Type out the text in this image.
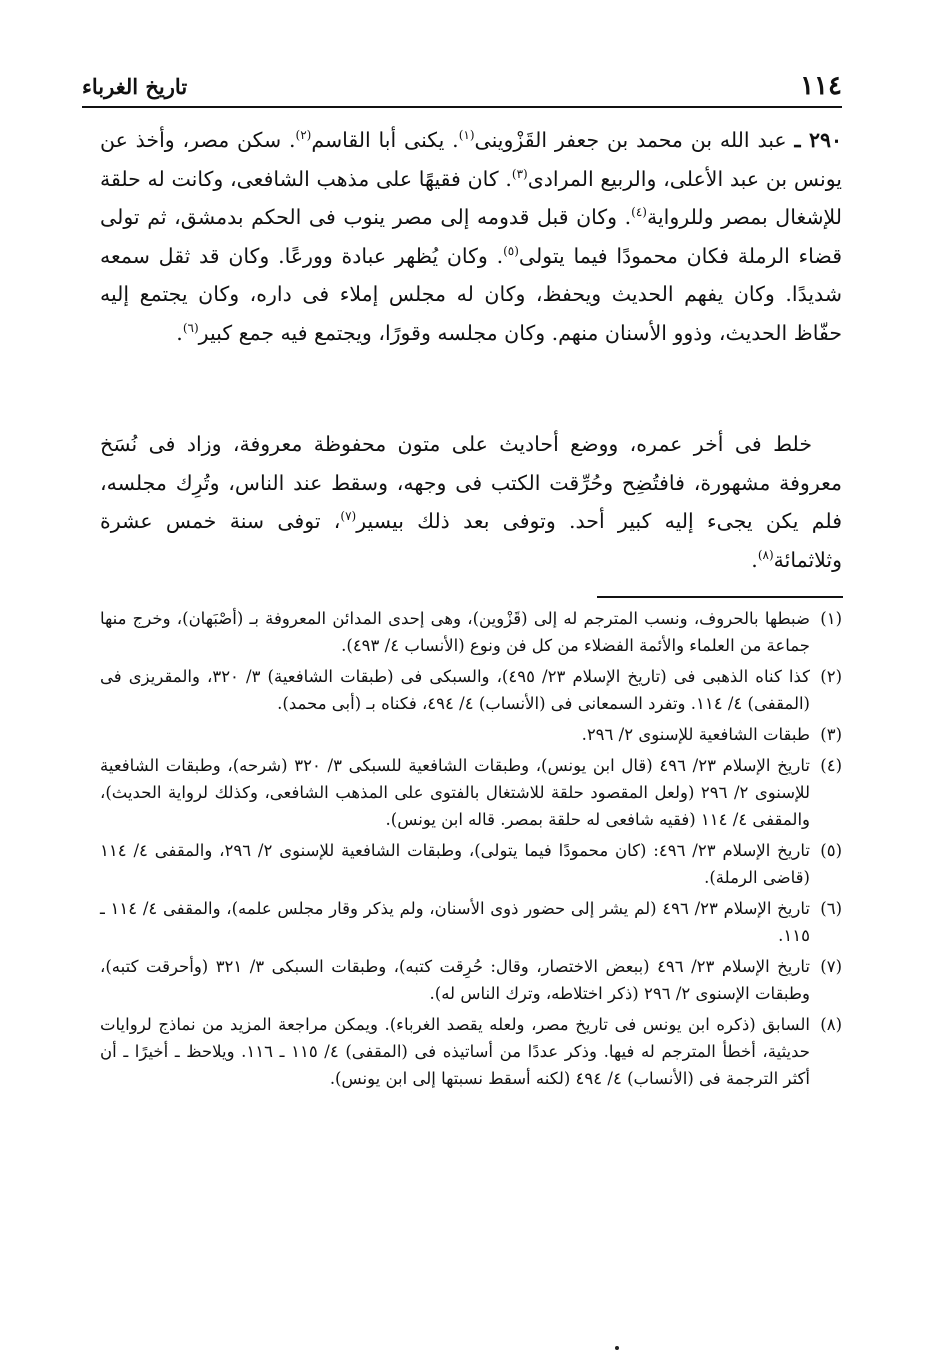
١١٤
تاريخ الغرباء

٢٩٠ ـ عبد الله بن محمد بن جعفر القَزْوينى$^{(١)}$. يكنى أبا القاسم$^{(٢)}$. سكن مصر، وأخذ عن يونس بن عبد الأعلى، والربيع المرادى$^{(٣)}$. كان فقيهًا على مذهب الشافعى، وكانت له حلقة للإشغال بمصر وللرواية$^{(٤)}$. وكان قبل قدومه إلى مصر ينوب فى الحكم بدمشق، ثم تولى قضاء الرملة فكان محمودًا فيما يتولى$^{(٥)}$. وكان يُظهر عبادة وورعًا. وكان قد ثقل سمعه شديدًا. وكان يفهم الحديث ويحفظ، وكان له مجلس إملاء فى داره، وكان يجتمع إليه حفّاظ الحديث، وذوو الأسنان منهم. وكان مجلسه وقورًا، ويجتمع فيه جمع كبير$^{(٦)}$.

خلط فى أخر عمره، ووضع أحاديث على متون محفوظة معروفة، وزاد فى نُسَخ معروفة مشهورة، فافتُضِح وحُرِّقت الكتب فى وجهه، وسقط عند الناس، وتُرِك مجلسه، فلم يكن يجىء إليه كبير أحد. وتوفى بعد ذلك بيسير$^{(٧)}$، توفى سنة خمس عشرة وثلاثمائة$^{(٨)}$.

(١)
ضبطها بالحروف، ونسب المترجم له إلى (قَزْوين)، وهى إحدى المدائن المعروفة بـ (أصْبَهان)، وخرج منها جماعة من العلماء والأئمة الفضلاء من كل فن ونوع (الأنساب ٤/ ٤٩٣).
(٢)
كذا كناه الذهبى فى (تاريخ الإسلام ٢٣/ ٤٩٥)، والسبكى فى (طبقات الشافعية) ٣/ ٣٢٠، والمقريزى فى (المقفى) ٤/ ١١٤. وتفرد السمعانى فى (الأنساب) ٤/ ٤٩٤، فكناه بـ (أبى محمد).
(٣)
طبقات الشافعية للإسنوى ٢/ ٢٩٦.
(٤)
تاريخ الإسلام ٢٣/ ٤٩٦ (قال ابن يونس)، وطبقات الشافعية للسبكى ٣/ ٣٢٠ (شرحه)، وطبقات الشافعية للإسنوى ٢/ ٢٩٦ (ولعل المقصود حلقة للاشتغال بالفتوى على المذهب الشافعى، وكذلك لرواية الحديث)، والمقفى ٤/ ١١٤ (فقيه شافعى له حلقة بمصر. قاله ابن يونس).
(٥)
تاريخ الإسلام ٢٣/ ٤٩٦: (كان محمودًا فيما يتولى)، وطبقات الشافعية للإسنوى ٢/ ٢٩٦، والمقفى ٤/ ١١٤ (قاضى الرملة).
(٦)
تاريخ الإسلام ٢٣/ ٤٩٦ (لم يشر إلى حضور ذوى الأسنان، ولم يذكر وقار مجلس علمه)، والمقفى ٤/ ١١٤ ـ ١١٥.
(٧)
تاريخ الإسلام ٢٣/ ٤٩٦ (ببعض الاختصار، وقال: حُرِقت كتبه)، وطبقات السبكى ٣/ ٣٢١ (وأحرقت كتبه)، وطبقات الإسنوى ٢/ ٢٩٦ (ذكر اختلاطه، وترك الناس له).
(٨)
السابق (ذكره ابن يونس فى تاريخ مصر، ولعله يقصد الغرباء). ويمكن مراجعة المزيد من نماذج لروايات حديثية، أخطأ المترجم له فيها. وذكر عددًا من أساتيذه فى (المقفى) ٤/ ١١٥ ـ ١١٦. ويلاحظ ـ أخيرًا ـ أن أكثر الترجمة فى (الأنساب) ٤/ ٤٩٤ (لكنه أسقط نسبتها إلى ابن يونس).
